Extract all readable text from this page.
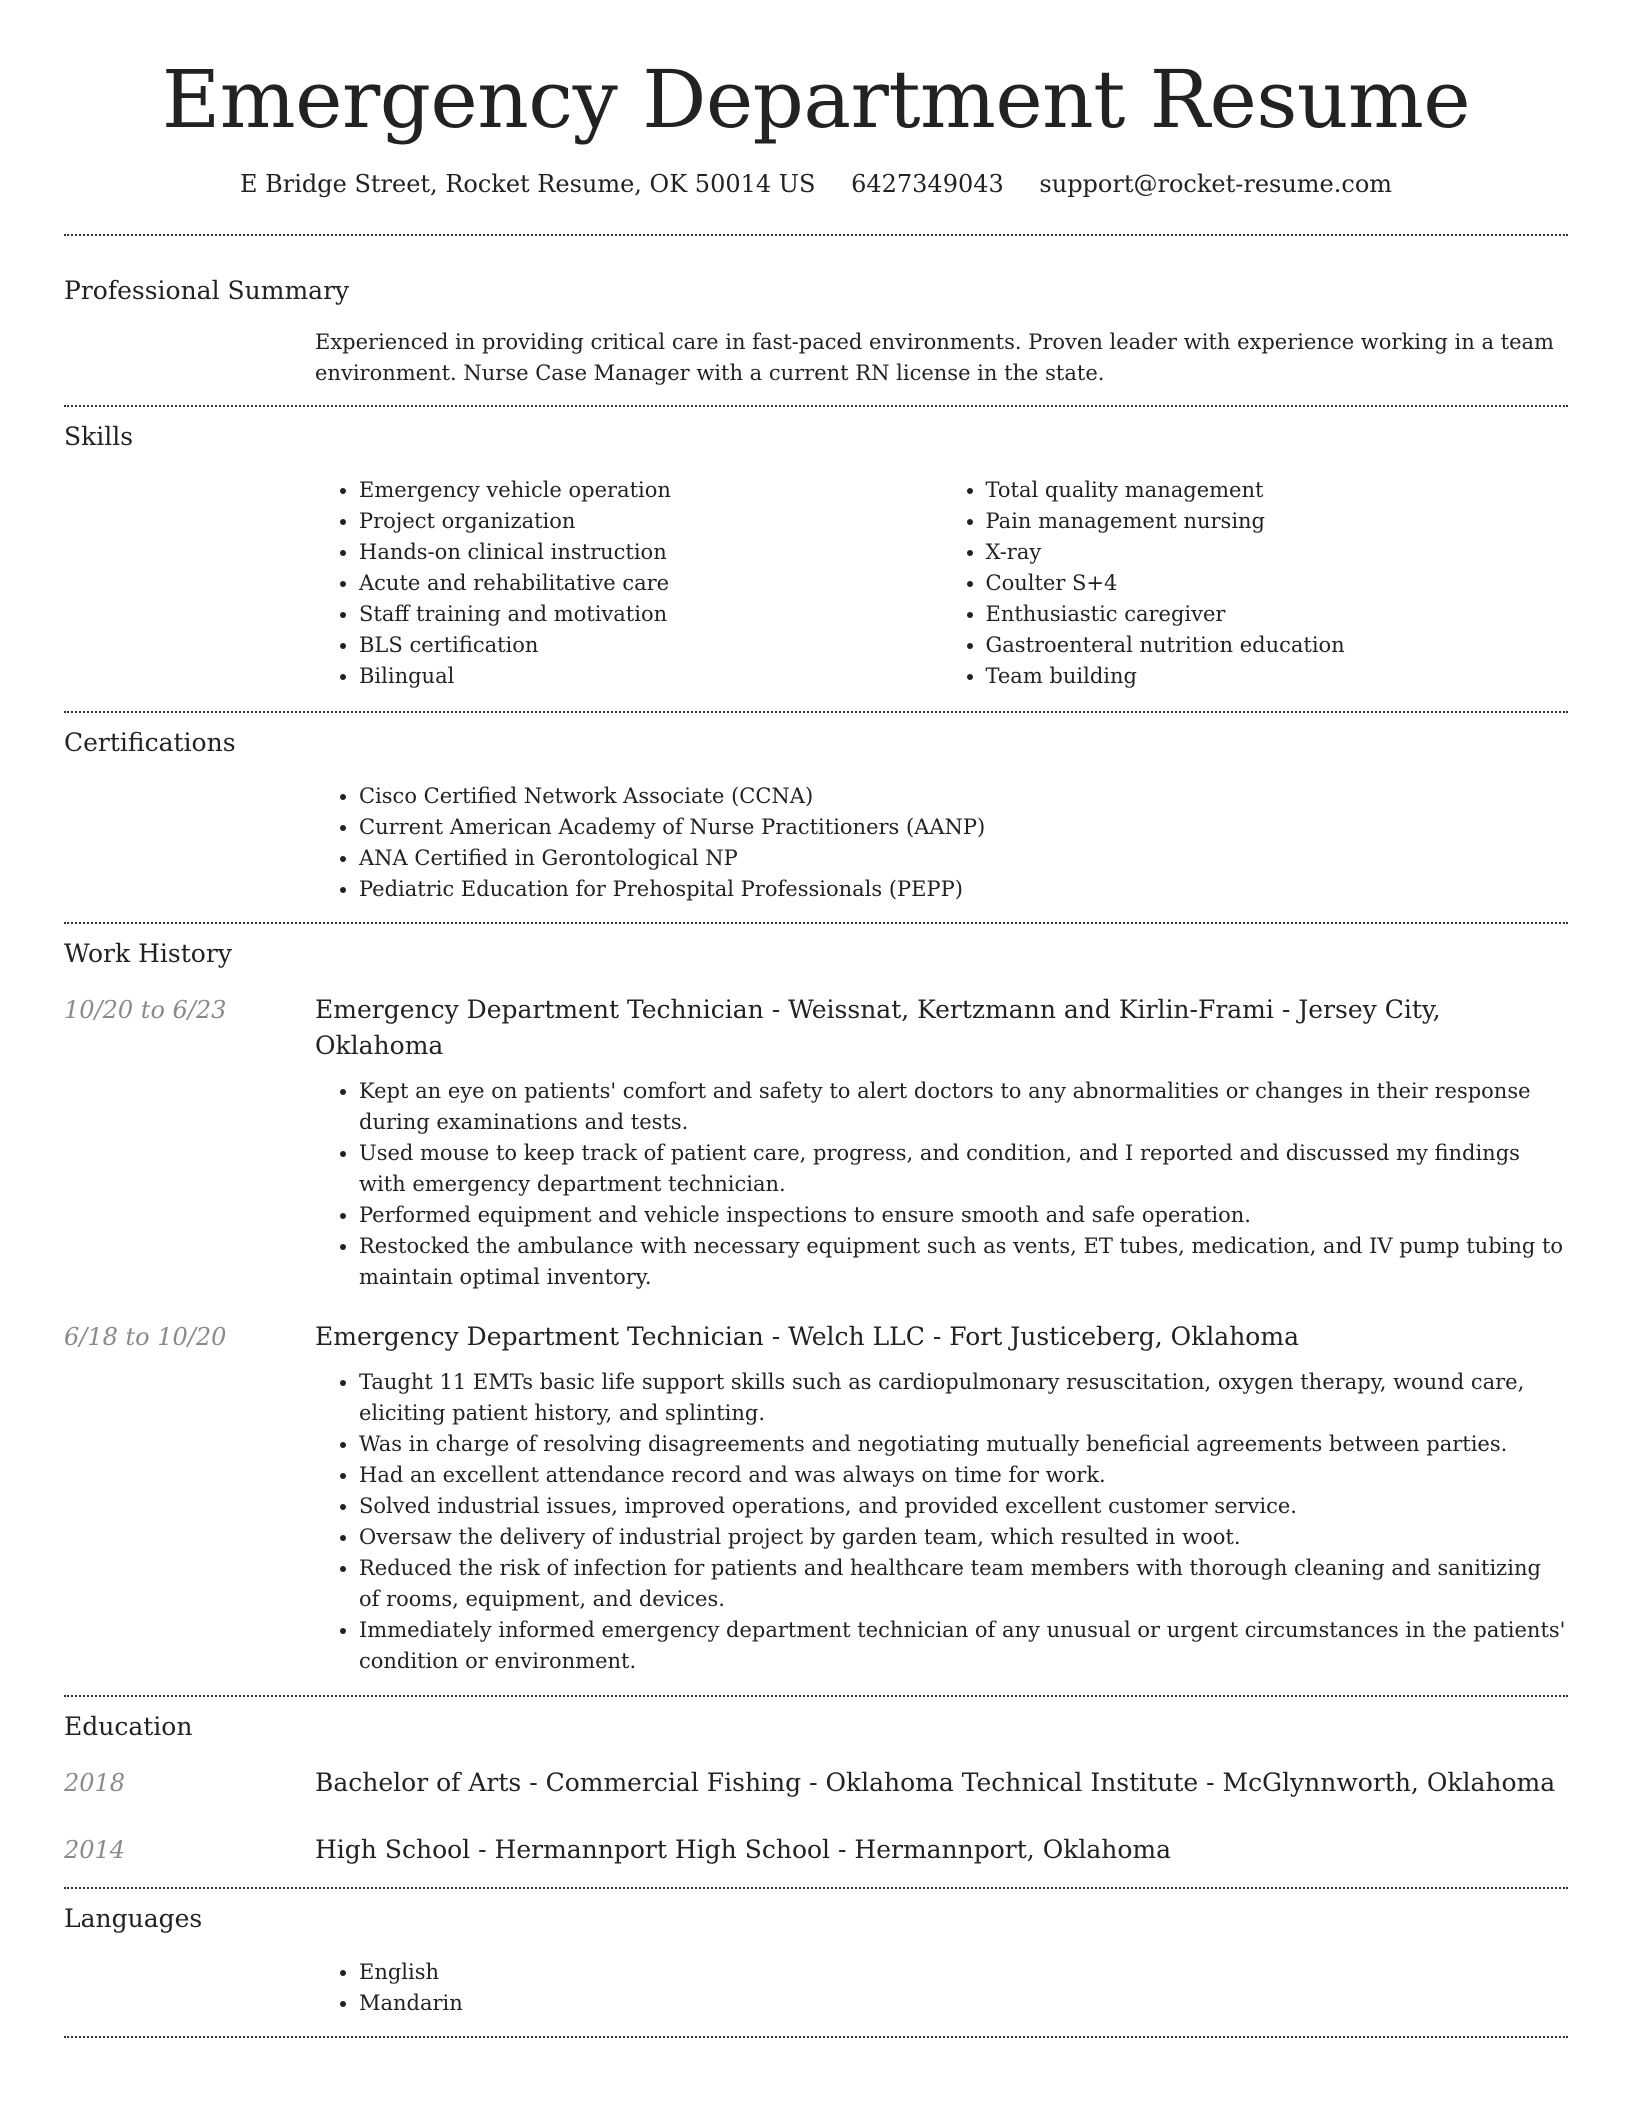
Emergency Department Resume
E Bridge Street, Rocket Resume, OK 50014 US 6427349043 support@rocket-resume.com
Professional Summary
Experienced in providing critical care in fast-paced environments. Proven leader with experience working in a team environment. Nurse Case Manager with a current RN license in the state.
Skills
• Emergency vehicle operation
• Project organization
• Hands-on clinical instruction
• Acute and rehabilitative care
• Staff training and motivation
• BLS certification
• Bilingual
• Total quality management
• Pain management nursing
• X-ray
• Coulter S+4
• Enthusiastic caregiver
• Gastroenteral nutrition education
• Team building
Certifications
• Cisco Certified Network Associate (CCNA)
• Current American Academy of Nurse Practitioners (AANP)
• ANA Certified in Gerontological NP
• Pediatric Education for Prehospital Professionals (PEPP)
Work History
10/20 to 6/23	Emergency Department Technician - Weissnat, Kertzmann and Kirlin-Frami - Jersey City, Oklahoma
• Kept an eye on patients' comfort and safety to alert doctors to any abnormalities or changes in their response during examinations and tests.
• Used mouse to keep track of patient care, progress, and condition, and I reported and discussed my findings with emergency department technician.
• Performed equipment and vehicle inspections to ensure smooth and safe operation.
• Restocked the ambulance with necessary equipment such as vents, ET tubes, medication, and IV pump tubing to maintain optimal inventory.
6/18 to 10/20	Emergency Department Technician - Welch LLC - Fort Justiceberg, Oklahoma
• Taught 11 EMTs basic life support skills such as cardiopulmonary resuscitation, oxygen therapy, wound care, eliciting patient history, and splinting.
• Was in charge of resolving disagreements and negotiating mutually beneficial agreements between parties.
• Had an excellent attendance record and was always on time for work.
• Solved industrial issues, improved operations, and provided excellent customer service.
• Oversaw the delivery of industrial project by garden team, which resulted in woot.
• Reduced the risk of infection for patients and healthcare team members with thorough cleaning and sanitizing of rooms, equipment, and devices.
• Immediately informed emergency department technician of any unusual or urgent circumstances in the patients' condition or environment.
Education
2018	Bachelor of Arts - Commercial Fishing - Oklahoma Technical Institute - McGlynnworth, Oklahoma
2014	High School - Hermannport High School - Hermannport, Oklahoma
Languages
• English
• Mandarin
